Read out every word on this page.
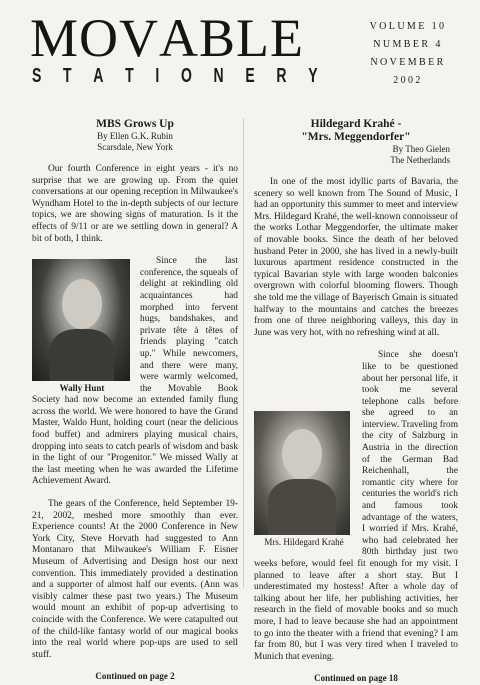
MOVABLE
S T A T I O N E R Y
VOLUME 10
NUMBER 4
NOVEMBER
2002
MBS Grows Up
By Ellen G.K. Rubin
Scarsdale, New York

Our fourth Conference in eight years - it's no surprise that we are growing up. From the quiet conversations at our opening reception in Milwaukee's Wyndham Hotel to the in-depth subjects of our lecture topics, we are showing signs of maturation. Is it the effects of 9/11 or are we settling down in general? A bit of both, I think.

Wally Hunt

Since the last conference, the squeals of delight at rekindling old acquaintances had morphed into fervent hugs, bandshakes, and private tête à têtes of friends playing "catch up." While newcomers, and there were many, were warmly welcomed, the Movable Book Society had now become an extended family flung across the world. We were honored to have the Grand Master, Waldo Hunt, holding court (near the delicious food buffet) and admirers playing musical chairs, dropping into seats to catch pearls of wisdom and bask in the light of our "Progenitor." We missed Wally at the last meeting when he was awarded the Lifetime Achievement Award.

The gears of the Conference, held September 19-21, 2002, meshed more smoothly than ever. Experience counts! At the 2000 Conference in New York City, Steve Horvath had suggested to Ann Montanaro that Milwaukee's William F. Eisner Museum of Advertising and Design host our next convention. This immediately provided a destination and a supporter of almost half our events. (Ann was visibly calmer these past two years.) The Museum would mount an exhibit of pop-up advertising to coincide with the Conference. We were catapulted out of the child-like fantasy world of our magical books into the real world where pop-ups are used to sell stuff.

Continued on page 2
Hildegard Krahé -
"Mrs. Meggendorfer"
By Theo Gielen
The Netherlands

In one of the most idyllic parts of Bavaria, the scenery so well known from The Sound of Music, I had an opportunity this summer to meet and interview Mrs. Hildegard Krahé, the well-known connoisseur of the works Lothar Meggendorfer, the ultimate maker of movable books. Since the death of her beloved husband Peter in 2000, she has lived in a newly-built luxurous apartment residence constructed in the typical Bavarian style with large wooden balconies overgrown with colorful blooming flowers. Though she told me the village of Bayerisch Gmain is situated halfway to the mountains and catches the breezes from one of three neighboring valleys, this day in June was very hot, with no refreshing wind at all.

Mrs. Hildegard Krahé

Since she doesn't like to be questioned about her personal life, it took me several telephone calls before she agreed to an interview. Traveling from the city of Salzburg in Austria in the direction of the German Bad Reichenhall, the romantic city where for centuries the world's rich and famous took advantage of the waters, I worried if Mrs. Krahé, who had celebrated her 80th birthday just two weeks before, would feel fit enough for my visit. I planned to leave after a short stay. But I underestimated my hostess! After a whole day of talking about her life, her publishing activities, her research in the field of movable books and so much more, I had to leave because she had an appointment to go into the theater with a friend that evening? I am far from 80, but I was very tired when I traveled to Munich that evening.

Continued on page 18
